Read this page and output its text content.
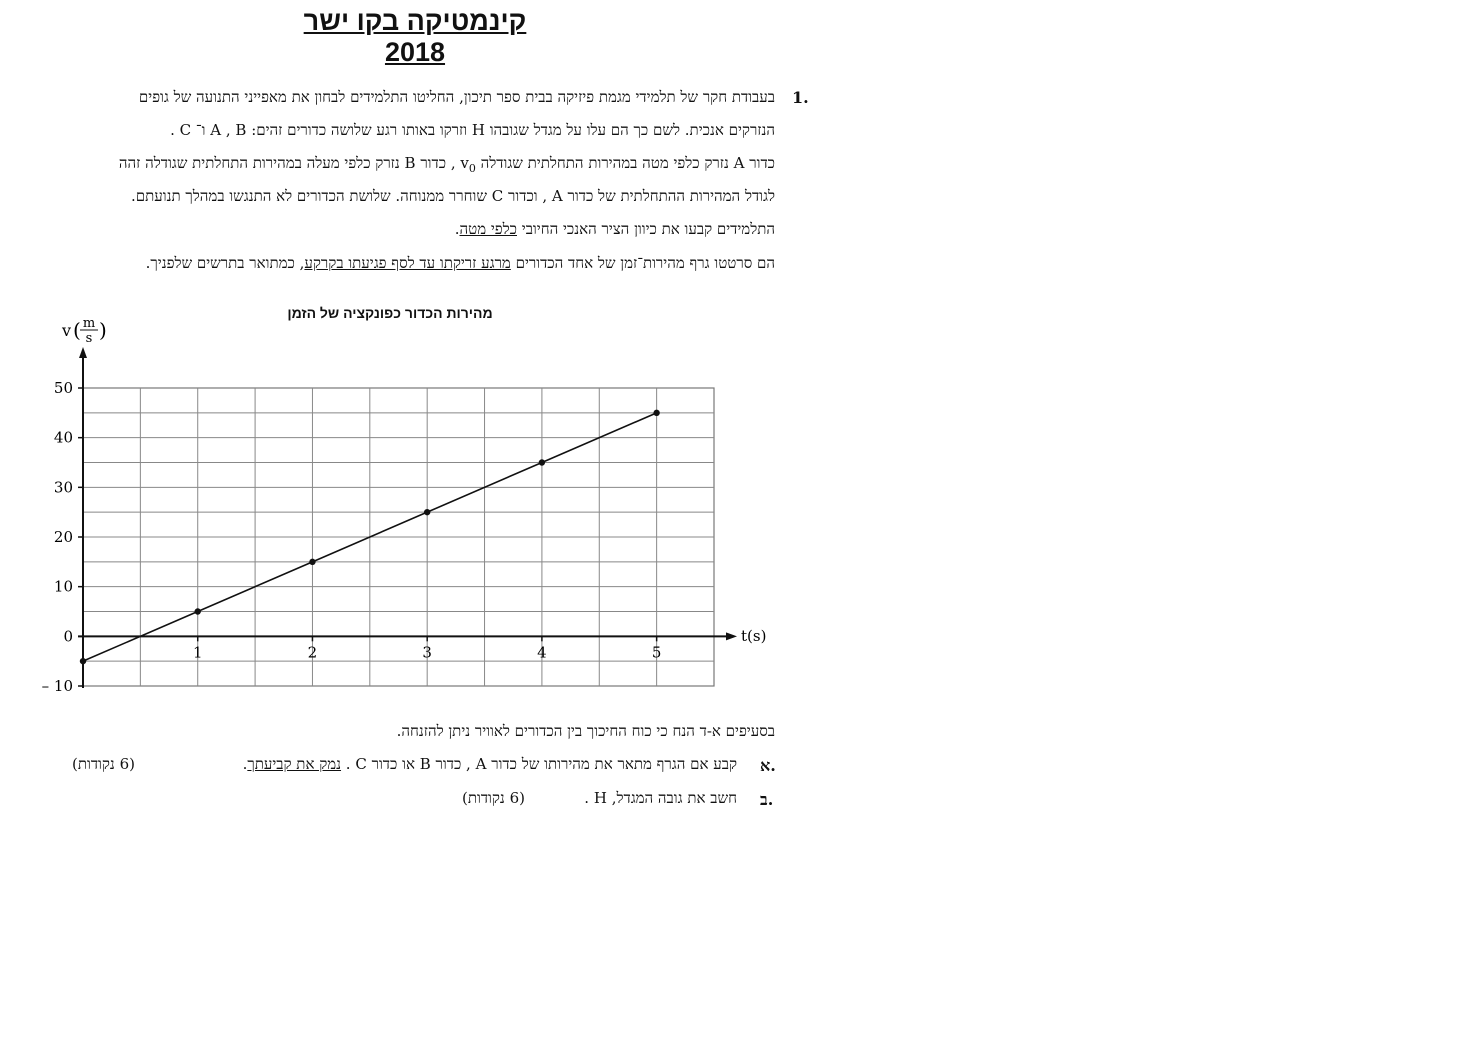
קינמטיקה בקו ישר 2018
1.
בעבודת חקר של תלמידי מגמת פיזיקה בבית ספר תיכון, החליטו התלמידים לבחון את מאפייני התנועה של גופים
הנזרקים אנכית. לשם כך הם עלו על מגדל שגובהו H וזרקו באותו רגע שלושה כדורים זהים: A , B ו־ C .
כדור A נזרק כלפי מטה במהירות התחלתית שגודלה $v_0$ , כדור B נזרק כלפי מעלה במהירות התחלתית שגודלה זהה
לגודל המהירות ההתחלתית של כדור A , וכדור C שוחרר ממנוחה. שלושת הכדורים לא התנגשו במהלך תנועתם.
התלמידים קבעו את כיוון הציר האנכי החיובי כלפי מטה.
הם סרטטו גרף מהירות־זמן של אחד הכדורים מרגע זריקתו עד לסף פגיעתו בקרקע, כמתואר בתרשים שלפניך.
מהירות הכדור כפונקציה של הזמן
v ( m
s )
50
40
30
20
10
0
– 10
1	2	3	4	5
t(s)
בסעיפים א-ד הנח כי כוח החיכוך בין הכדורים לאוויר ניתן להזנחה.
א.
קבע אם הגרף מתאר את מהירותו של כדור A , כדור B או כדור C . נמק את קביעתך.
(6 נקודות)
ב.
חשב את גובה המגדל, H .
(6 נקודות)
